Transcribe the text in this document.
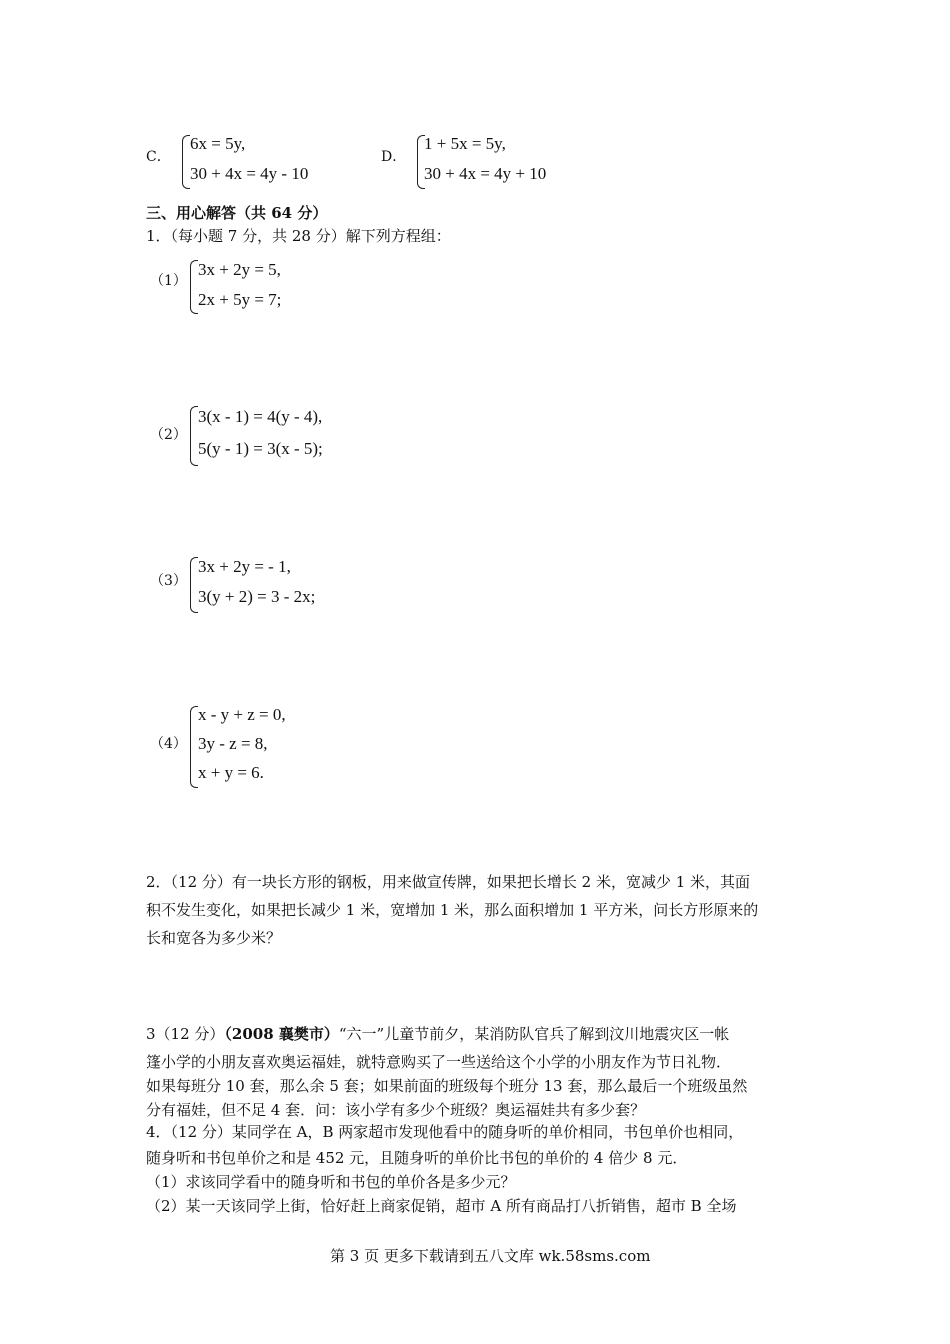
C．
6x = 5y,
30 + 4x = 4y - 10
D．
1 + 5x = 5y,
30 + 4x = 4y + 10
三、用心解答（共 64 分）
1．（每小题 7 分，共 28 分）解下列方程组：
（1）
3x + 2y = 5,
2x + 5y = 7;
（2）
3(x - 1) = 4(y - 4),
5(y - 1) = 3(x - 5);
（3）
3x + 2y = - 1,
3(y + 2) = 3 - 2x;
（4）
x - y + z = 0,
3y - z = 8,
x + y = 6.
2．（12 分）有一块长方形的钢板，用来做宣传牌，如果把长增长 2 米，宽减少 1 米，其面
积不发生变化，如果把长减少 1 米，宽增加 1 米，那么面积增加 1 平方米，问长方形原来的
长和宽各为多少米？
3（12 分）（2008 襄樊市）“六一”儿童节前夕，某消防队官兵了解到汶川地震灾区一帐
篷小学的小朋友喜欢奥运福娃，就特意购买了一些送给这个小学的小朋友作为节日礼物．
如果每班分 10 套，那么余 5 套；如果前面的班级每个班分 13 套，那么最后一个班级虽然
分有福娃，但不足 4 套．问：该小学有多少个班级？奥运福娃共有多少套？
4．（12 分）某同学在 A，B 两家超市发现他看中的随身听的单价相同，书包单价也相同，
随身听和书包单价之和是 452 元，且随身听的单价比书包的单价的 4 倍少 8 元．
（1）求该同学看中的随身听和书包的单价各是多少元？
（2）某一天该同学上街，恰好赶上商家促销，超市 A 所有商品打八折销售，超市 B 全场
第 3 页 更多下载请到五八文库 wk.58sms.com
